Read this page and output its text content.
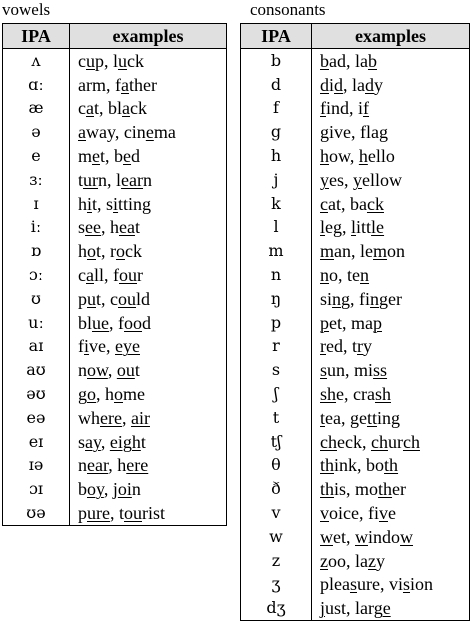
vowels	consonants
IPA	examples
ʌ	cup, luck
ɑː	arm, father
æ	cat, black
ə	away, cinema
e	met, bed
ɜː	turn, learn
ɪ	hit, sitting
iː	see, heat
ɒ	hot, rock
ɔː	call, four
ʊ	put, could
uː	blue, food
aɪ	five, eye
aʊ	now, out
əʊ	go, home
eə	where, air
eɪ	say, eight
ɪə	near, here
ɔɪ	boy, join
ʊə	pure, tourist
IPA	examples
b	bad, lab
d	did, lady
f	find, if
g	give, flag
h	how, hello
j	yes, yellow
k	cat, back
l	leg, little
m	man, lemon
n	no, ten
ŋ	sing, finger
p	pet, map
r	red, try
s	sun, miss
ʃ	she, crash
t	tea, getting
tʃ	check, church
θ	think, both
ð	this, mother
v	voice, five
w	wet, window
z	zoo, lazy
ʒ	pleasure, vision
dʒ	just, large
